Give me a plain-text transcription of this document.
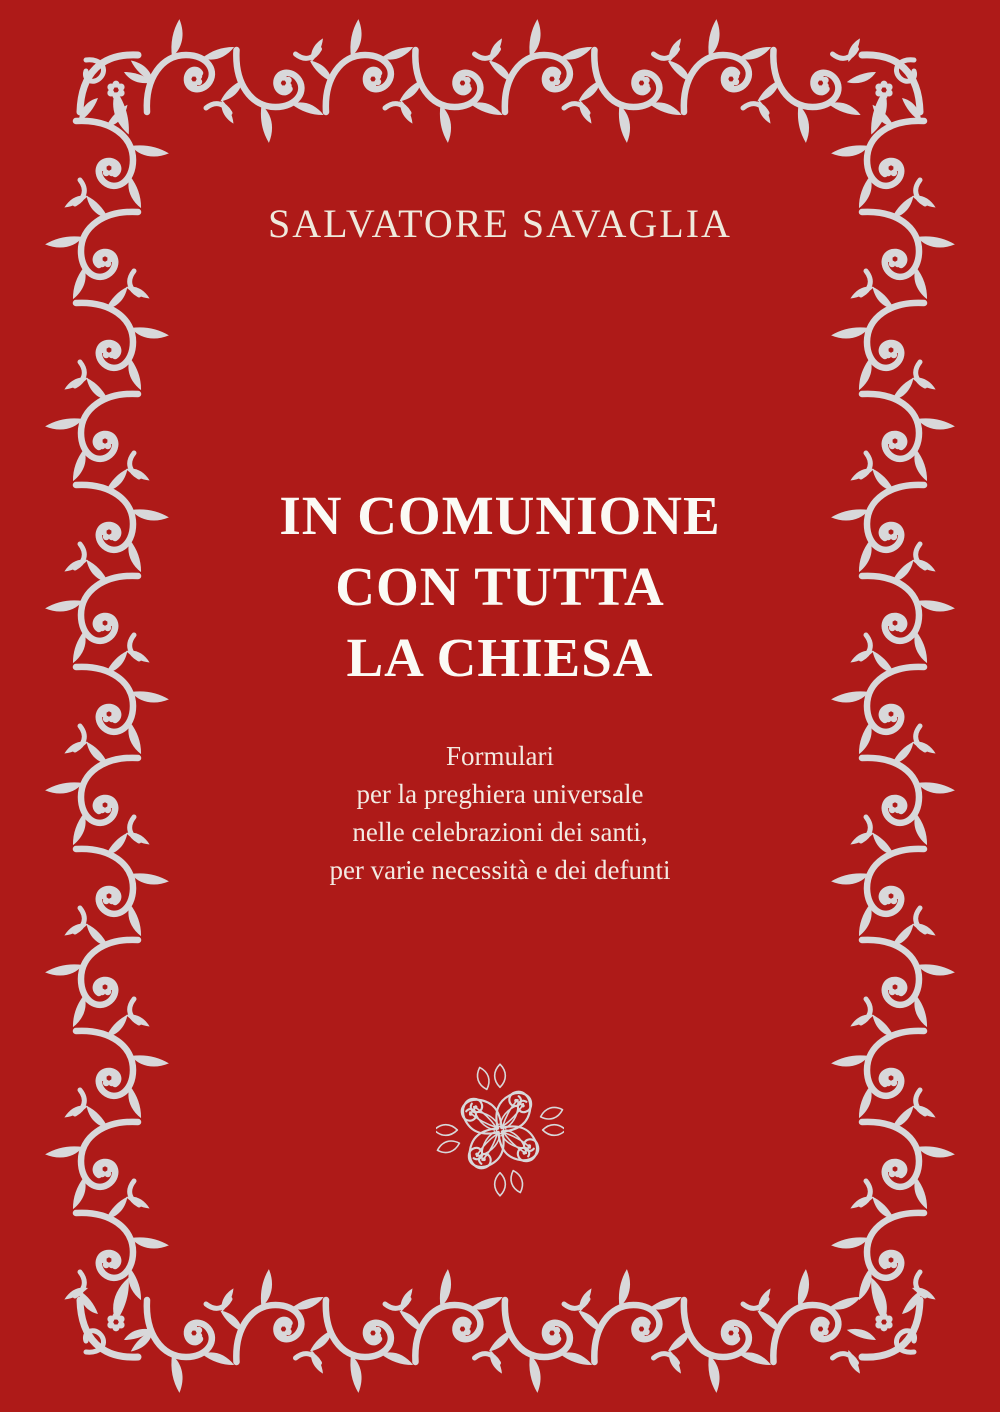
SALVATORE SAVAGLIA
IN COMUNIONE
CON TUTTA
LA CHIESA
Formulari
per la preghiera universale
nelle celebrazioni dei santi,
per varie necessità e dei defunti
